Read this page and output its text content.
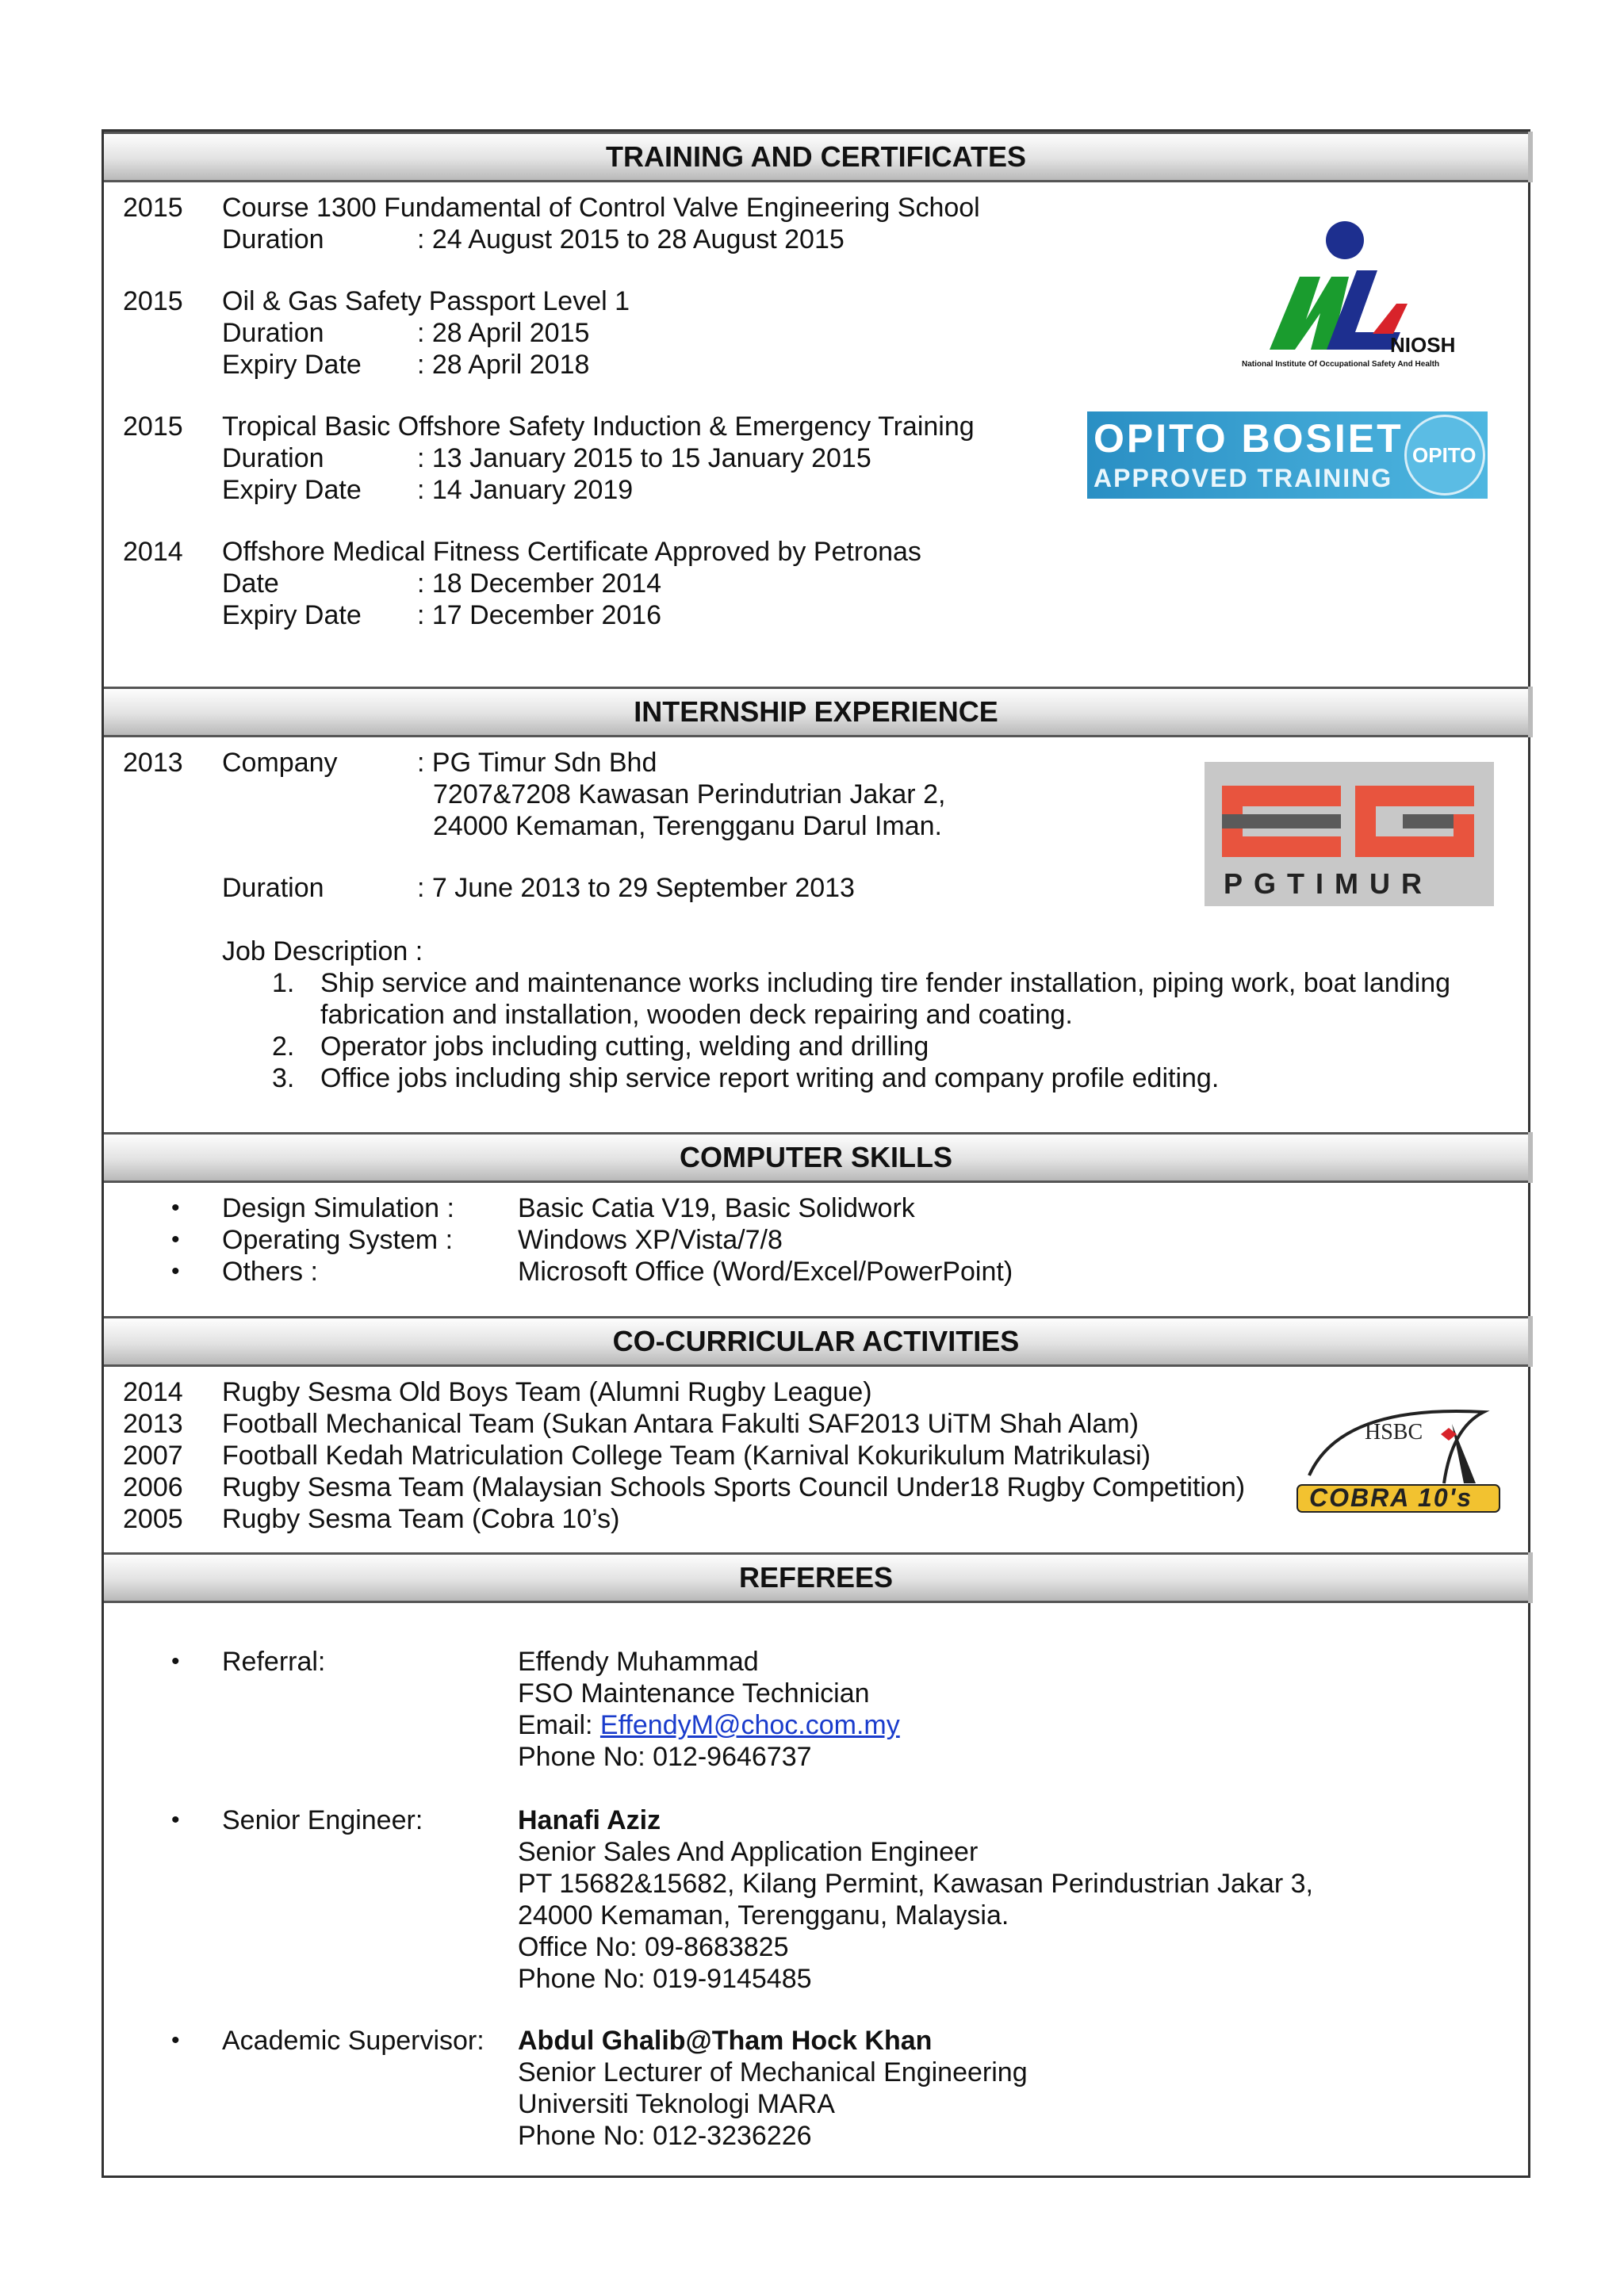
TRAINING AND CERTIFICATES
2015 Course 1300 Fundamental of Control Valve Engineering School
Duration	: 24 August 2015 to 28 August 2015
2015 Oil & Gas Safety Passport Level 1
Duration	: 28 April 2015
Expiry Date : 28 April 2018
2015 Tropical Basic Offshore Safety Induction & Emergency Training
Duration	: 13 January 2015 to 15 January 2015
Expiry Date : 14 January 2019
2014 Offshore Medical Fitness Certificate Approved by Petronas
Date	: 18 December 2014
Expiry Date : 17 December 2016
NIOSH
National Institute Of Occupational Safety And Health
OPITO BOSIET
APPROVED TRAINING
OPITO
INTERNSHIP EXPERIENCE
2013 Company	: PG Timur Sdn Bhd
7207&7208 Kawasan Perindutrian Jakar 2,
24000 Kemaman, Terengganu Darul Iman.
Duration	: 7 June 2013 to 29 September 2013
Job Description :
1. Ship service and maintenance works including tire fender installation, piping work, boat landing
fabrication and installation, wooden deck repairing and coating.
2. Operator jobs including cutting, welding and drilling
3. Office jobs including ship service report writing and company profile editing.
PGTIMUR
COMPUTER SKILLS
• Design Simulation : Basic Catia V19, Basic Solidwork
• Operating System : Windows XP/Vista/7/8
• Others :	Microsoft Office (Word/Excel/PowerPoint)
CO-CURRICULAR ACTIVITIES
2014 Rugby Sesma Old Boys Team (Alumni Rugby League)
2013 Football Mechanical Team (Sukan Antara Fakulti SAF2013 UiTM Shah Alam)
2007 Football Kedah Matriculation College Team (Karnival Kokurikulum Matrikulasi)
2006 Rugby Sesma Team (Malaysian Schools Sports Council Under18 Rugby Competition)
2005 Rugby Sesma Team (Cobra 10’s)
HSBC
COBRA 10's
REFEREES
• Referral:	Effendy Muhammad
FSO Maintenance Technician
Email: EffendyM@choc.com.my
Phone No: 012-9646737
• Senior Engineer:	Hanafi Aziz
Senior Sales And Application Engineer
PT 15682&15682, Kilang Permint, Kawasan Perindustrian Jakar 3,
24000 Kemaman, Terengganu, Malaysia.
Office No: 09-8683825
Phone No: 019-9145485
• Academic Supervisor: Abdul Ghalib@Tham Hock Khan
Senior Lecturer of Mechanical Engineering
Universiti Teknologi MARA
Phone No: 012-3236226
